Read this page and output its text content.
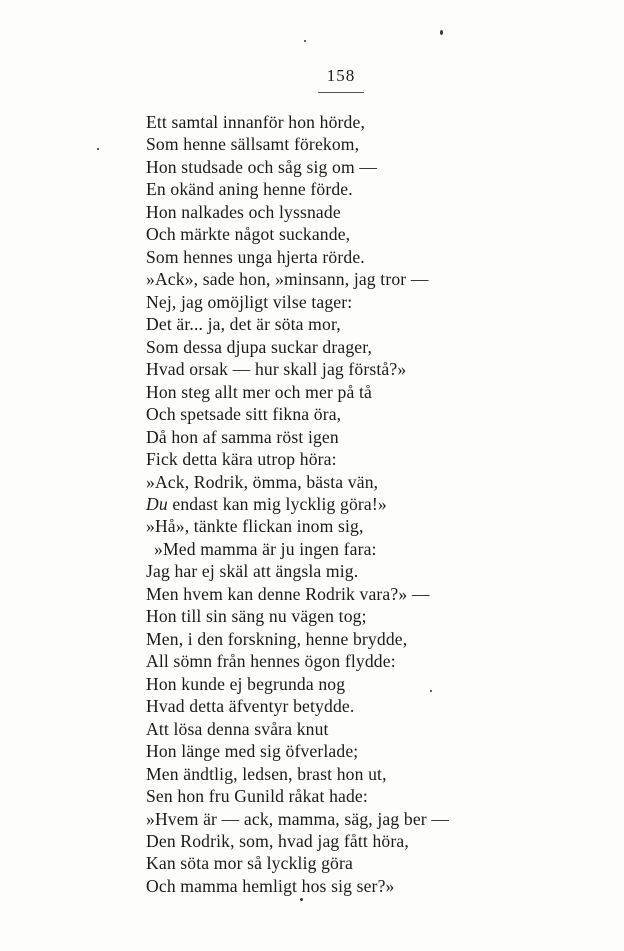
158
Ett samtal innanför hon hörde,
Som henne sällsamt förekom,
Hon studsade och såg sig om —
En okänd aning henne förde.
Hon nalkades och lyssnade
Och märkte något suckande,
Som hennes unga hjerta rörde.
»Ack», sade hon, »minsann, jag tror —
Nej, jag omöjligt vilse tager:
Det är... ja, det är söta mor,
Som dessa djupa suckar drager,
Hvad orsak — hur skall jag förstå?»
Hon steg allt mer och mer på tå
Och spetsade sitt fikna öra,
Då hon af samma röst igen
Fick detta kära utrop höra:
»Ack, Rodrik, ömma, bästa vän,
Du endast kan mig lycklig göra!»
»Hå», tänkte flickan inom sig,
»Med mamma är ju ingen fara:
Jag har ej skäl att ängsla mig.
Men hvem kan denne Rodrik vara?» —
Hon till sin säng nu vägen tog;
Men, i den forskning, henne brydde,
All sömn från hennes ögon flydde:
Hon kunde ej begrunda nog
Hvad detta äfventyr betydde.
Att lösa denna svåra knut
Hon länge med sig öfverlade;
Men ändtlig, ledsen, brast hon ut,
Sen hon fru Gunild råkat hade:
»Hvem är — ack, mamma, säg, jag ber —
Den Rodrik, som, hvad jag fått höra,
Kan söta mor så lycklig göra
Och mamma hemligt hos sig ser?»
